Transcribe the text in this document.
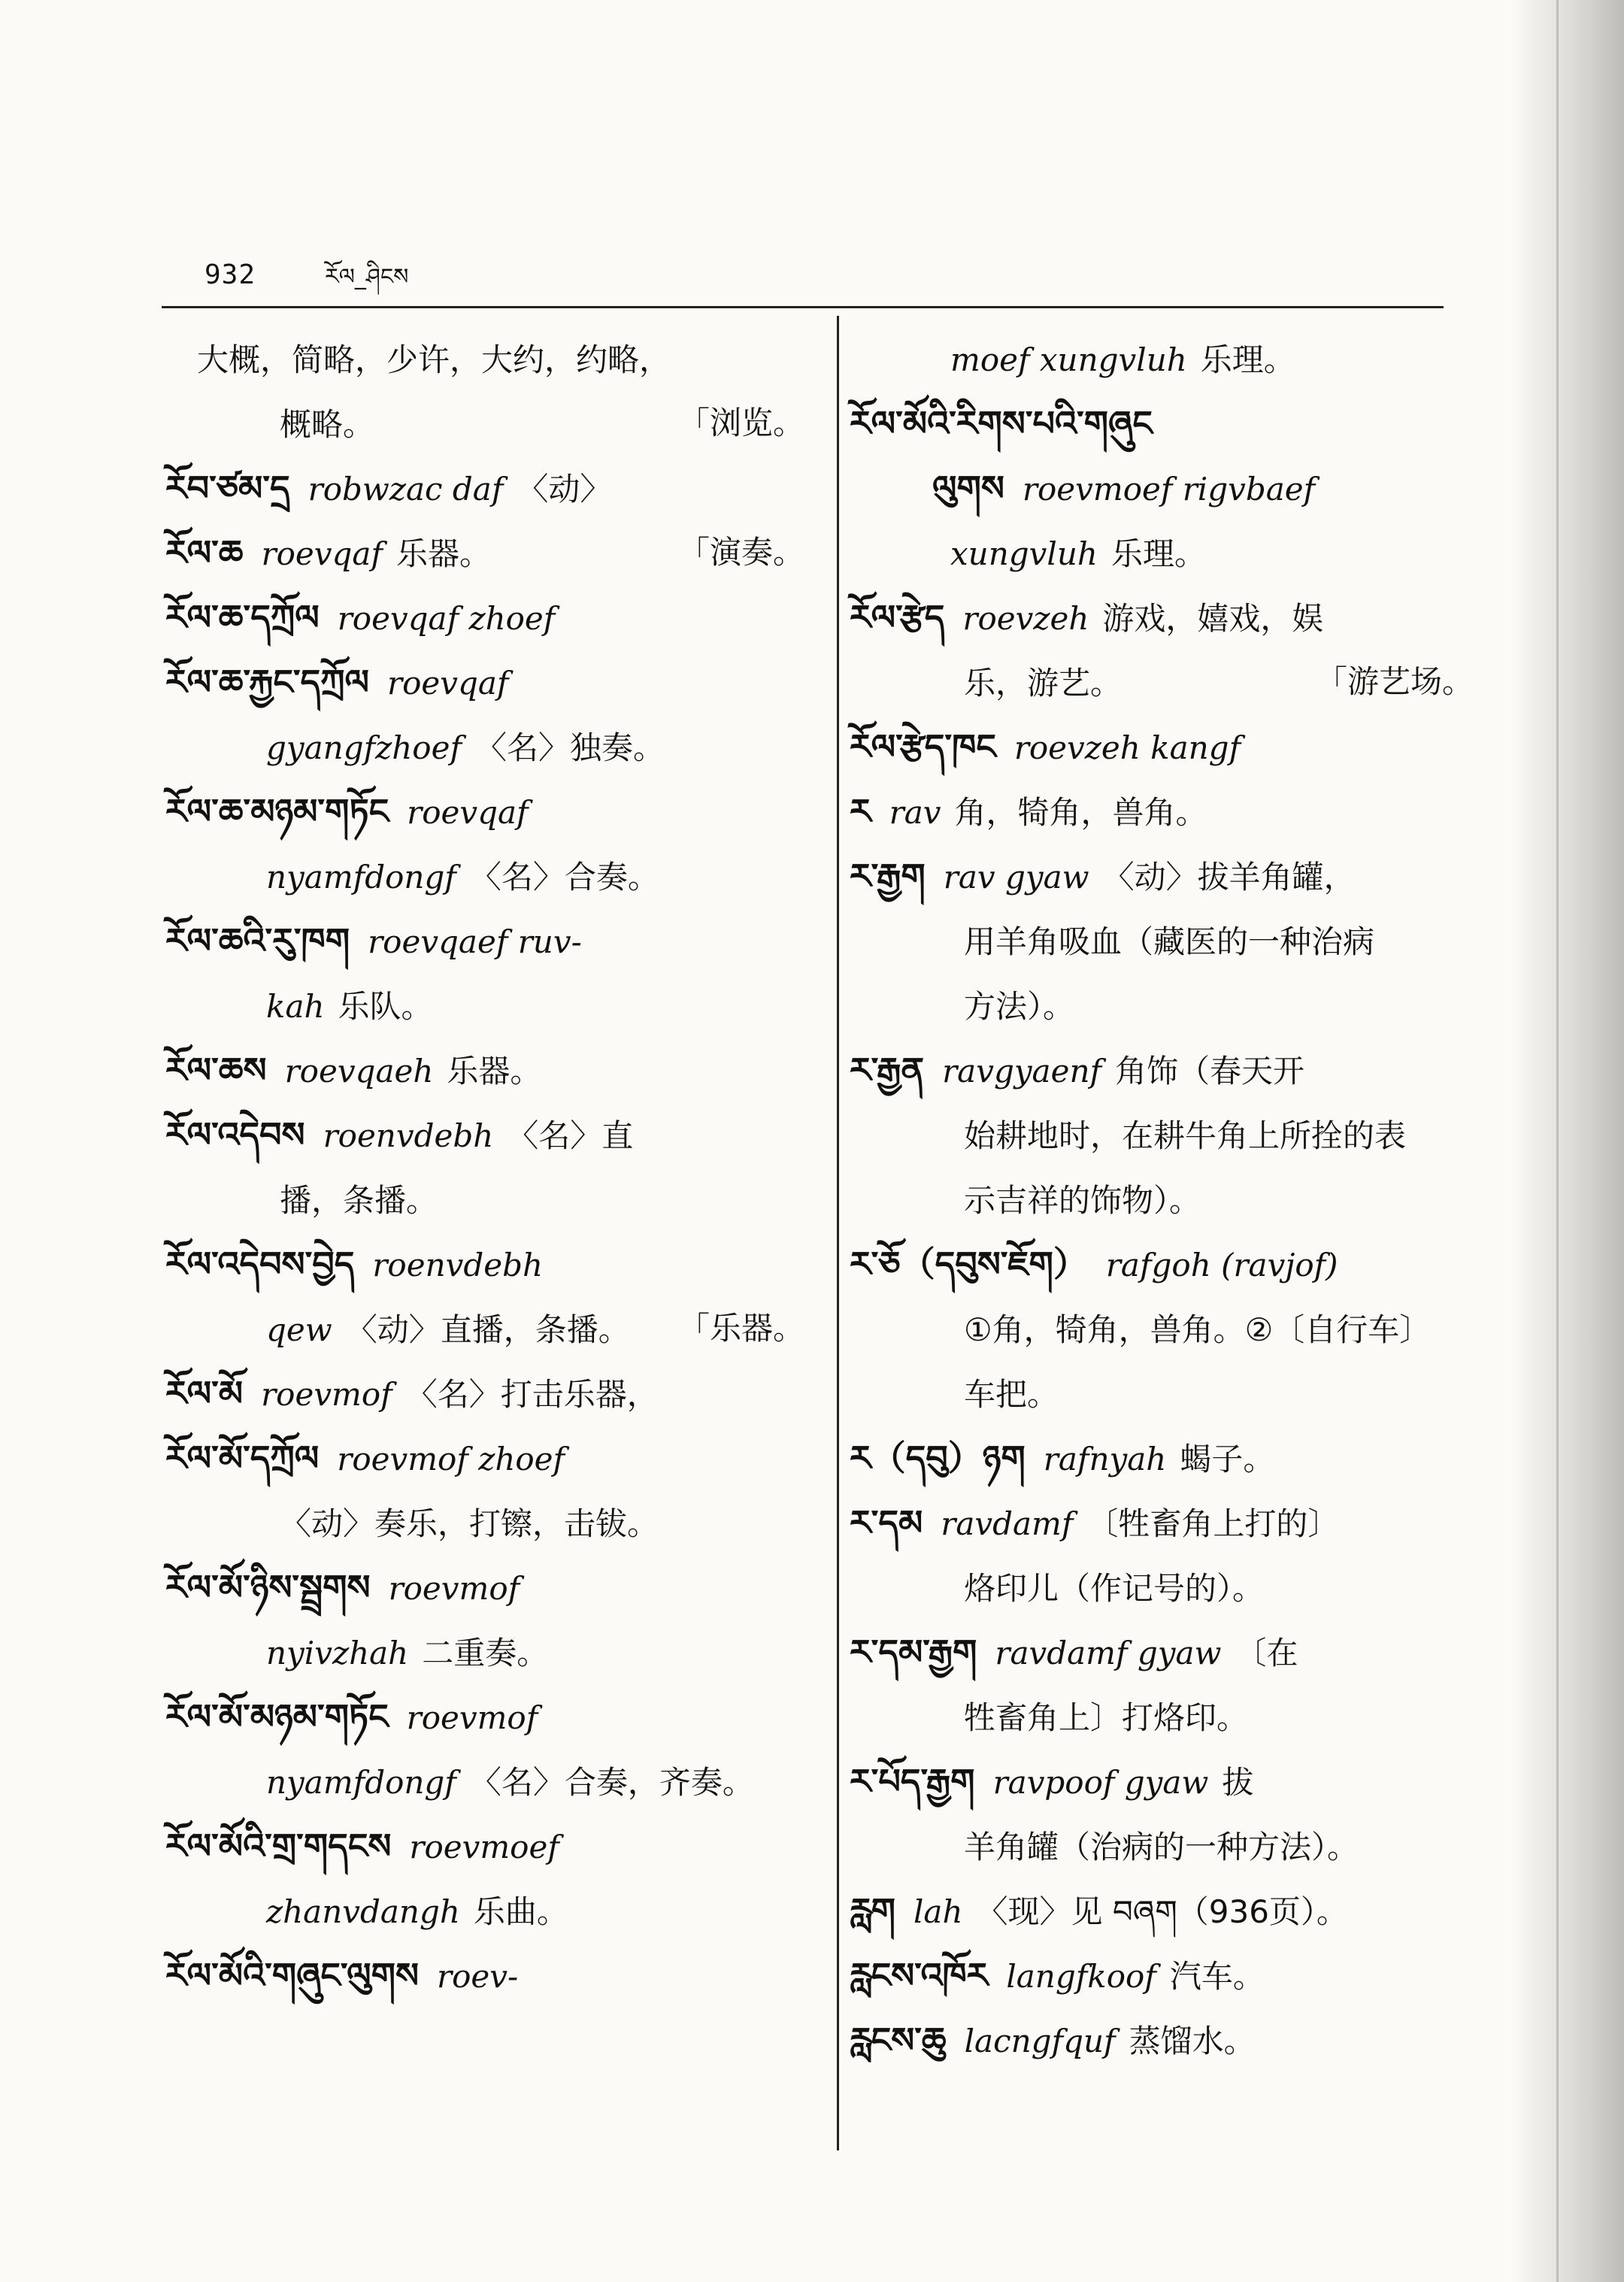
932	རོལ_ཤིངས
大概，简略，少许，大约，约略，
概略。	「浏览。
རོབ་ཙམ་དྲ robwzac daf 〈动〉
རོལ་ཆ roevqaf 乐器。	「演奏。
རོལ་ཆ་དཀྲོལ roevqaf zhoef
རོལ་ཆ་རྐྱང་དཀྲོལ roevqaf
gyangfzhoef 〈名〉独奏。
རོལ་ཆ་མཉམ་གཏོང roevqaf
nyamfdongf 〈名〉合奏。
རོལ་ཆའི་རུ་ཁག roevqaef ruv-
kah 乐队。
རོལ་ཆས roevqaeh 乐器。
རོལ་འདེབས roenvdebh 〈名〉直
播，条播。
རོལ་འདེབས་བྱེད roenvdebh
qew 〈动〉直播，条播。 「乐器。
རོལ་མོ roevmof 〈名〉打击乐器，
རོལ་མོ་དཀྲོལ roevmof zhoef
〈动〉奏乐，打镲，击钹。
རོལ་མོ་ཉིས་སྦྲགས roevmof
nyivzhah 二重奏。
རོལ་མོ་མཉམ་གཏོང roevmof
nyamfdongf 〈名〉合奏，齐奏。
རོལ་མོའི་གྲ་གདངས roevmoef
zhanvdangh 乐曲。
རོལ་མོའི་གཞུང་ལུགས roev-
moef xungvluh 乐理。
རོལ་མོའི་རིགས་པའི་གཞུང
ལུགས roevmoef rigvbaef
xungvluh 乐理。
རོལ་རྩེད roevzeh 游戏，嬉戏，娱
乐，游艺。	「游艺场。
རོལ་རྩེད་ཁང roevzeh kangf
ར rav 角，犄角，兽角。
ར་རྒྱག rav gyaw 〈动〉拔羊角罐，
用羊角吸血（藏医的一种治病
方法）。
ར་རྒྱན ravgyaenf 角饰（春天开
始耕地时，在耕牛角上所拴的表
示吉祥的饰物）。
ར་ཅོ（དབུས་ཇོག） rafgoh (ravjof)
①角，犄角，兽角。②〔自行车〕
车把。
ར（དབུ）ཉག rafnyah 蝎子。
ར་དམ ravdamf 〔牲畜角上打的〕
烙印儿（作记号的）。
ར་དམ་རྒྱག ravdamf gyaw 〔在
牲畜角上〕打烙印。
ར་པོད་རྒྱག ravpoof gyaw 拔
羊角罐（治病的一种方法）。
རླག lah 〈现〉见 བཞག（936页）。
རླངས་འཁོར langfkoof 汽车。
རླངས་ཆུ lacngfquf 蒸馏水。
